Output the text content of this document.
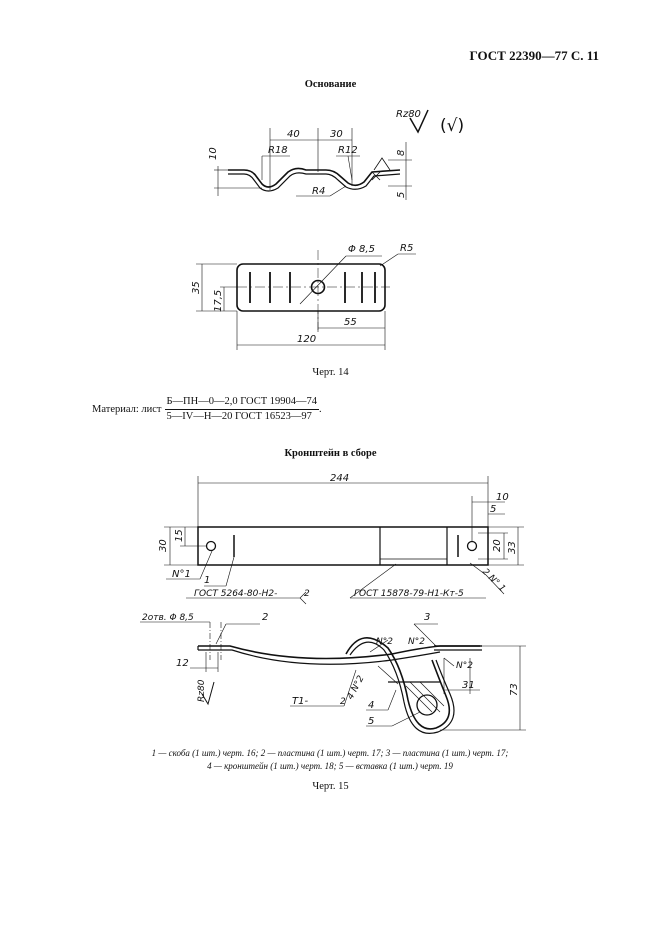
ГОСТ 22390—77 С. 11
Основание
Rz80
(√)
40	30
R18	R12
R4
10	8
5
Φ 8,5	R5
35
17,5
55
120
Черт. 14
Материал: лист $\frac{\text{Б—ПН—0—2,0 ГОСТ 19904—74}}{\text{5—IV—Н—20 ГОСТ 16523—97}}$ .
Кронштейн в сборе
244
10
5
30
15
20 33
N°1
1
ГОСТ 5264-80-Н2-	2	ГОСТ 15878-79-Н1-Кт-5 2 N° 1
2отв. Φ 8,5	2	3
N°2 N°2
N°2
4 N°2
12
Rz80	31	73
Т1-	2 4
5
1 — скоба (1 шт.) черт. 16; 2 — пластина (1 шт.) черт. 17; 3 — пластина (1 шт.) черт. 17;
4 — кронштейн (1 шт.) черт. 18; 5 — вставка (1 шт.) черт. 19
Черт. 15
